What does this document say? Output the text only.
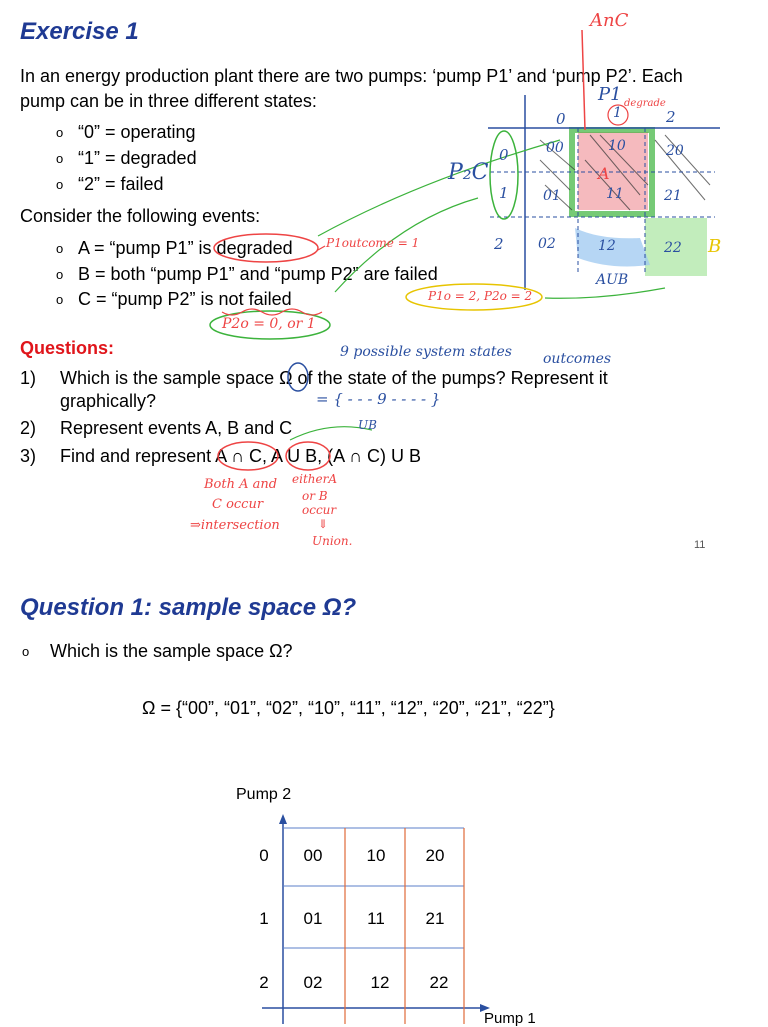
Exercise 1
In an energy production plant there are two pumps: ‘pump P1’ and ‘pump P2’. Each
pump can be in three different states:
o “0” = operating
o “1” = degraded
o “2” = failed
Consider the following events:
o A = “pump P1” is degraded
o B = both “pump P1” and “pump P2” are failed
o C = “pump P2” is not failed
Questions:
1) Which is the sample space Ω of the state of the pumps? Represent it
graphically?
2) Represent events A, B and C
3) Find and represent A ∩ C, A U B, (A ∩ C) U B
11
AnC
P1 degrade
P₂C
P1outcome = 1
AUB
B
A
P1o = 2, P2o = 2
P2o = 0, or 1
9 possible system states outcomes
= { - - - 9 - - - - }
UB
Both A and
C occur
⇒intersection
eitherA
or B
occur
⇓
Union.
0	1	2
0
1
2
00	10	20
01	11	21
02	12	22
Question 1: sample space Ω?
o Which is the sample space Ω?
Ω = {“00”, “01”, “02”, “10”, “11”, “12”, “20”, “21”, “22”}
Pump 2
0
1
2
00	10	20
01	11	21
02	12	22
Pump 1
